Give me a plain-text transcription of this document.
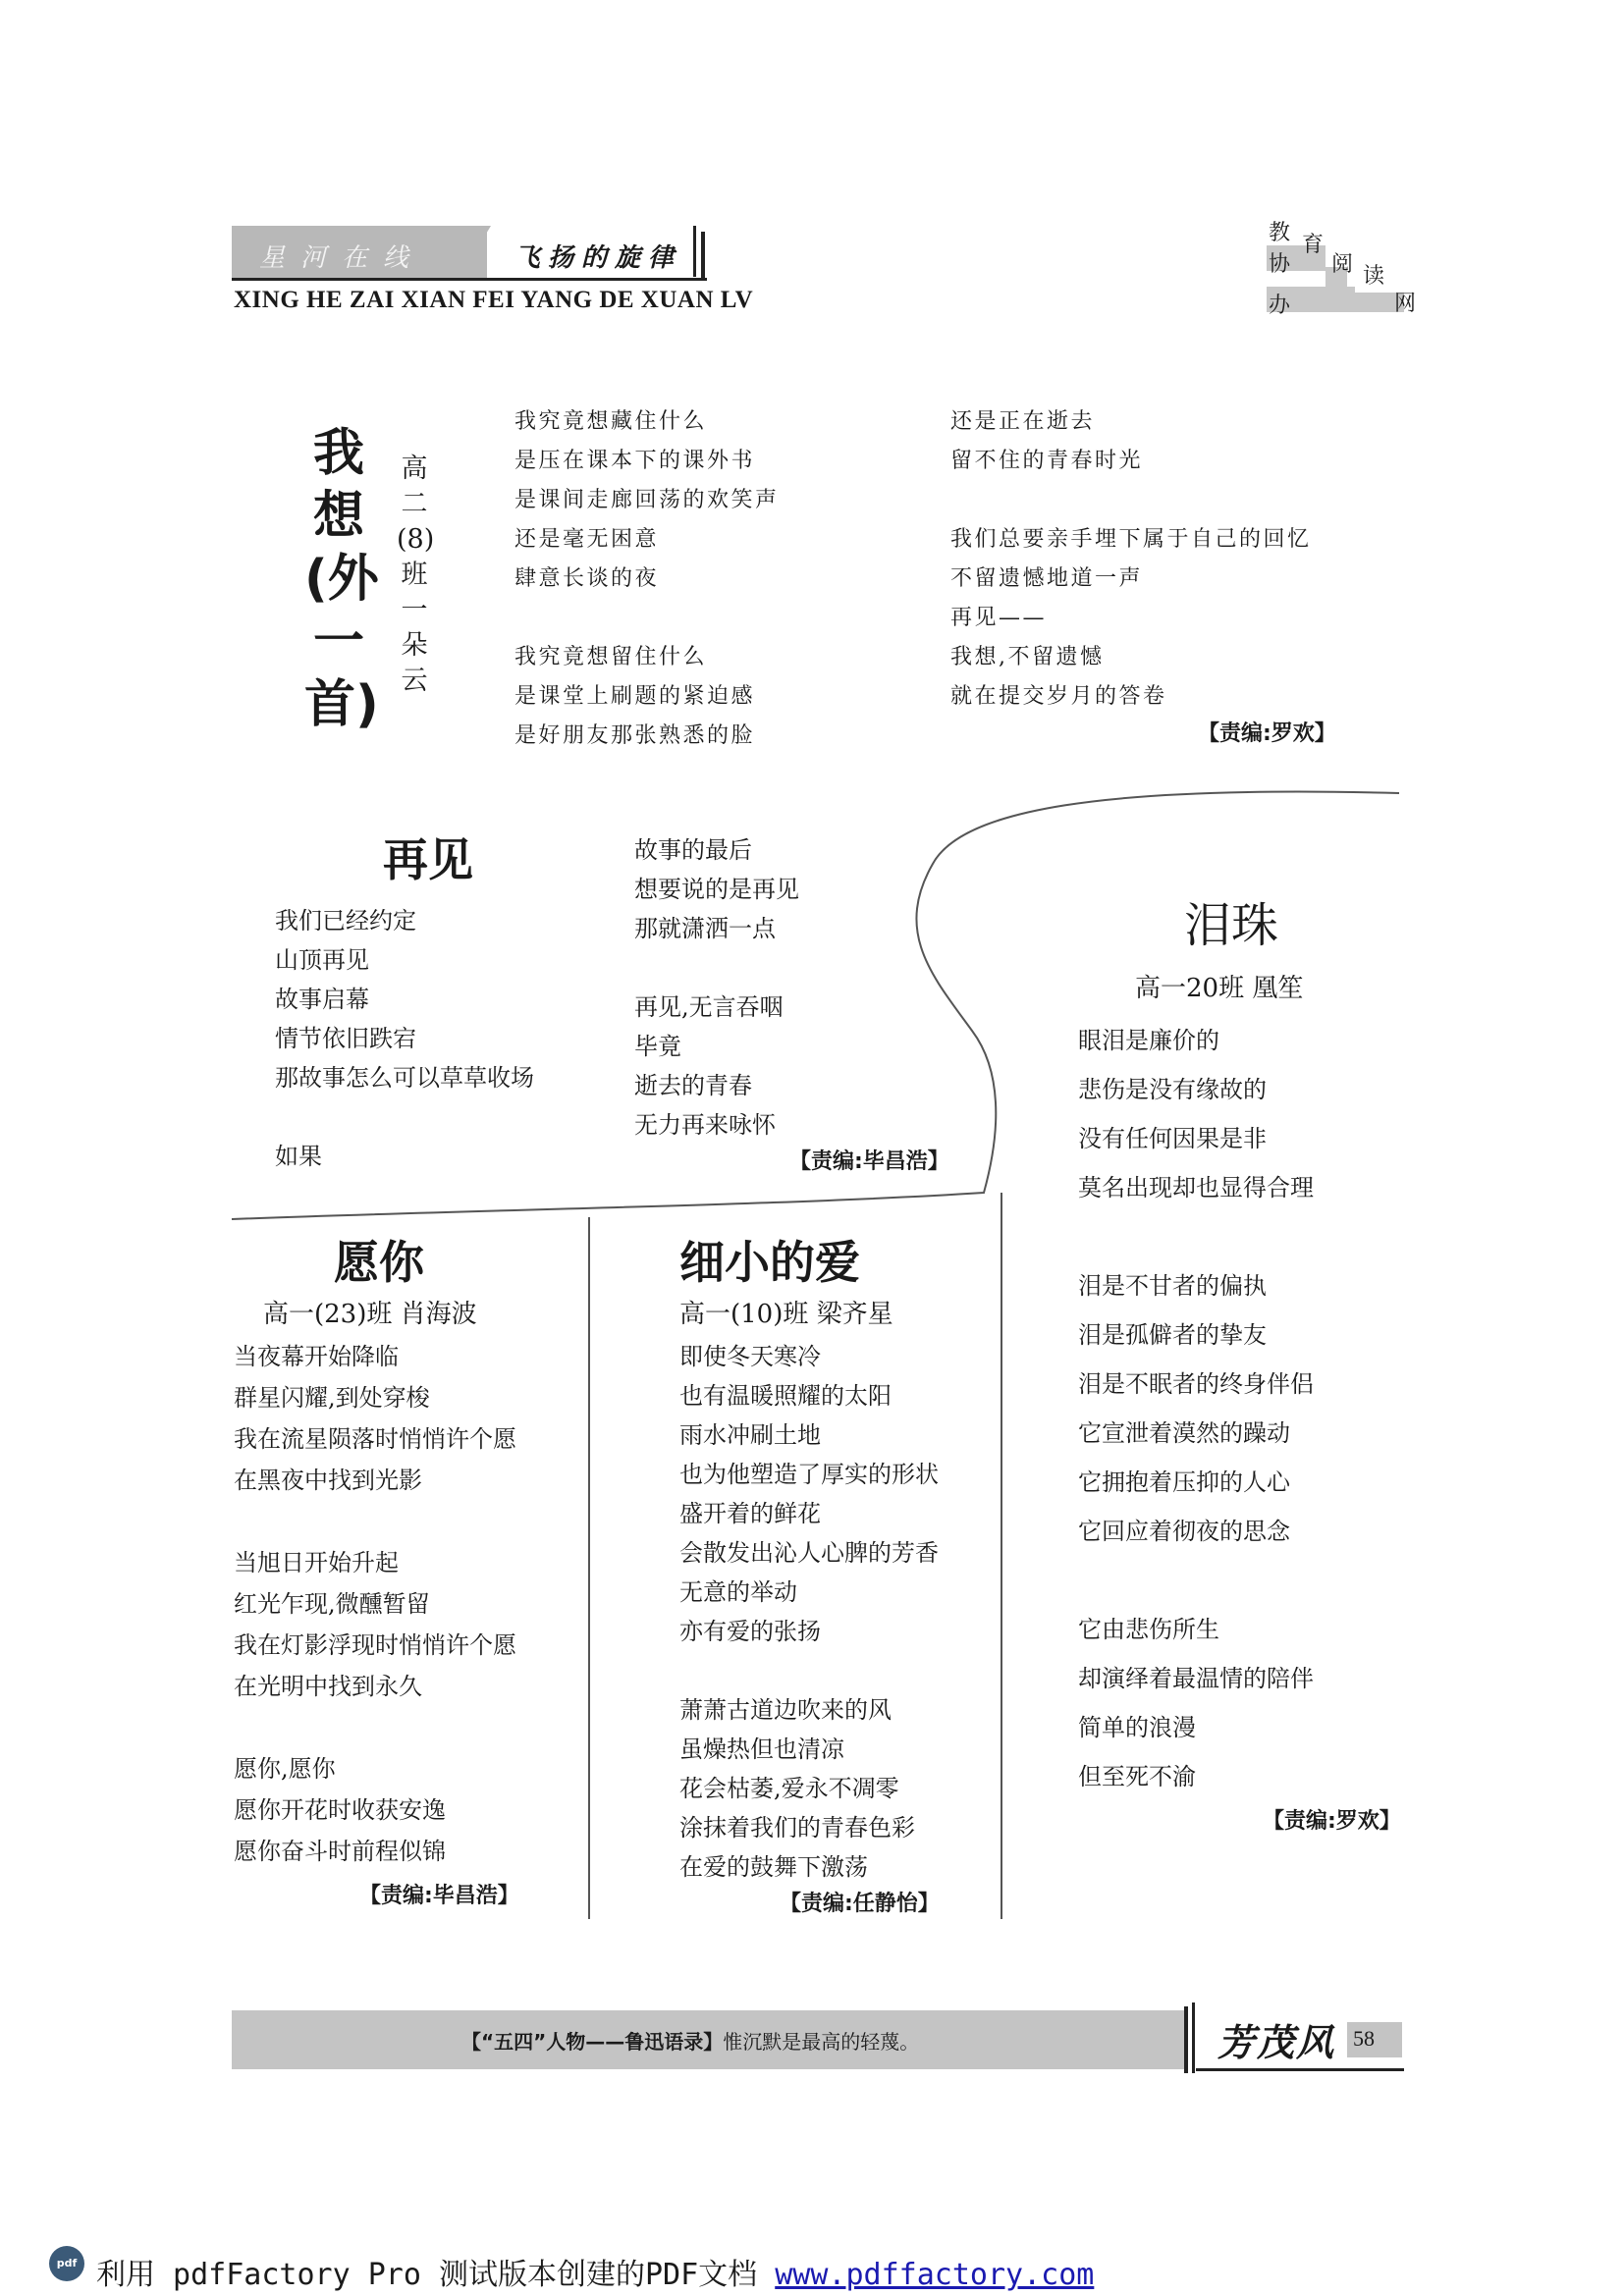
星河在线	飞扬的旋律
XING HE ZAI XIAN FEI YANG DE XUAN LV
教 育
协 阅 读
办	网
我想(外一首)
高二(8)班 一朵云
我究竟想藏住什么
是压在课本下的课外书
是课间走廊回荡的欢笑声
还是毫无困意
肆意长谈的夜
我究竟想留住什么
是课堂上刷题的紧迫感
是好朋友那张熟悉的脸
还是正在逝去
留不住的青春时光
我们总要亲手埋下属于自己的回忆
不留遗憾地道一声
再见——
我想,不留遗憾
就在提交岁月的答卷
【责编:罗欢】
再见
我们已经约定
山顶再见
故事启幕
情节依旧跌宕
那故事怎么可以草草收场
如果
故事的最后
想要说的是再见
那就潇洒一点
再见,无言吞咽
毕竟
逝去的青春
无力再来咏怀
【责编:毕昌浩】
泪珠
高一20班 凰笙
眼泪是廉价的
悲伤是没有缘故的
没有任何因果是非
莫名出现却也显得合理
泪是不甘者的偏执
泪是孤僻者的挚友
泪是不眠者的终身伴侣
它宣泄着漠然的躁动
它拥抱着压抑的人心
它回应着彻夜的思念
它由悲伤所生
却演绎着最温情的陪伴
简单的浪漫
但至死不渝
【责编:罗欢】
愿你
高一(23)班 肖海波
当夜幕开始降临
群星闪耀,到处穿梭
我在流星陨落时悄悄许个愿
在黑夜中找到光影
当旭日开始升起
红光乍现,微醺暂留
我在灯影浮现时悄悄许个愿
在光明中找到永久
愿你,愿你
愿你开花时收获安逸
愿你奋斗时前程似锦
【责编:毕昌浩】
细小的爱
高一(10)班 梁齐星
即使冬天寒冷
也有温暖照耀的太阳
雨水冲刷土地
也为他塑造了厚实的形状
盛开着的鲜花
会散发出沁人心脾的芳香
无意的举动
亦有爱的张扬
萧萧古道边吹来的风
虽燥热但也清凉
花会枯萎,爱永不凋零
涂抹着我们的青春色彩
在爱的鼓舞下激荡
【责编:任静怡】
【“五四”人物——鲁迅语录】惟沉默是最高的轻蔑。	芳茂风 58
pdf 利用 pdfFactory Pro 测试版本创建的PDF文档 www.pdffactory.com
